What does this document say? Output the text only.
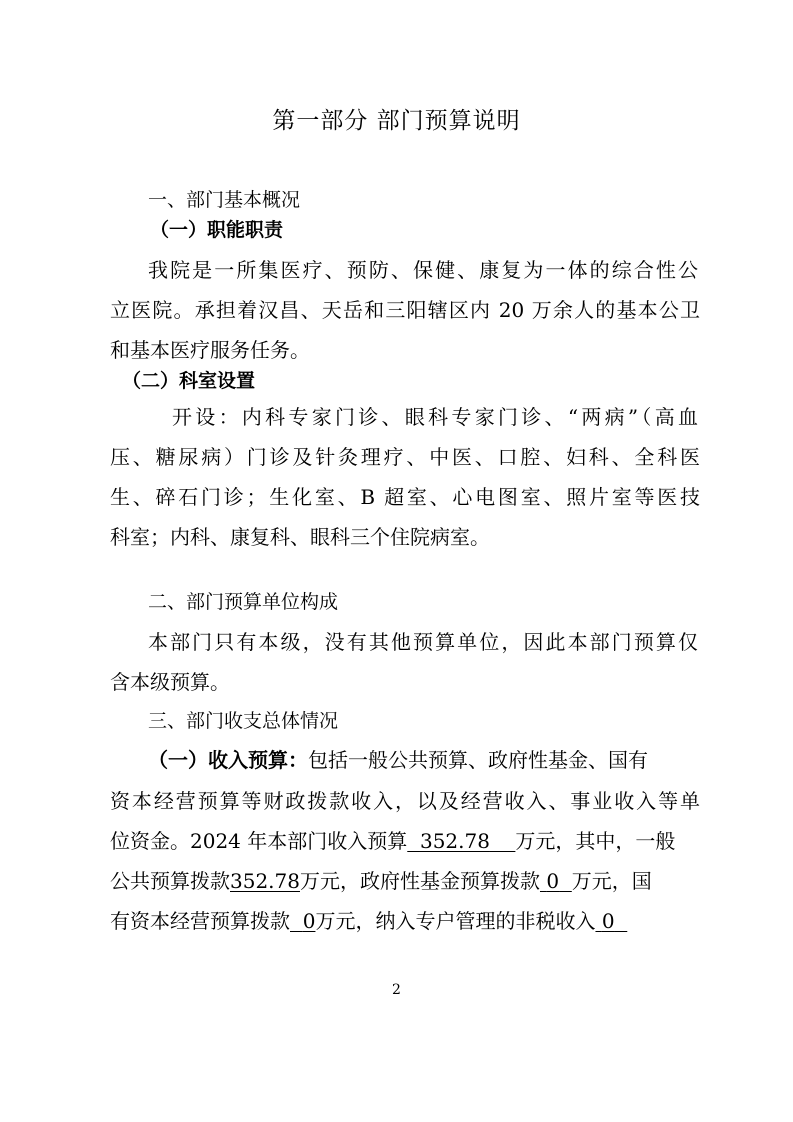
第一部分 部门预算说明
一、部门基本概况
（一）职能职责
我院是一所集医疗、预防、保健、康复为一体的综合性公
立医院。承担着汉昌、天岳和三阳辖区内 20 万余人的基本公卫
和基本医疗服务任务。
（二）科室设置
开设：内科专家门诊、眼科专家门诊、“两病”（高血
压、糖尿病）门诊及针灸理疗、中医、口腔、妇科、全科医
生、碎石门诊；生化室、B 超室、心电图室、照片室等医技
科室；内科、康复科、眼科三个住院病室。
二、部门预算单位构成
本部门只有本级，没有其他预算单位，因此本部门预算仅
含本级预算。
三、部门收支总体情况
（一）收入预算：包括一般公共预算、政府性基金、国有
资本经营预算等财政拨款收入，以及经营收入、事业收入等单
位资金。2024 年本部门收入预算 352.78 万元，其中，一般
公共预算拨款352.78万元，政府性基金预算拨款 0 万元，国
有资本经营预算拨款 0万元，纳入专户管理的非税收入 0
2
